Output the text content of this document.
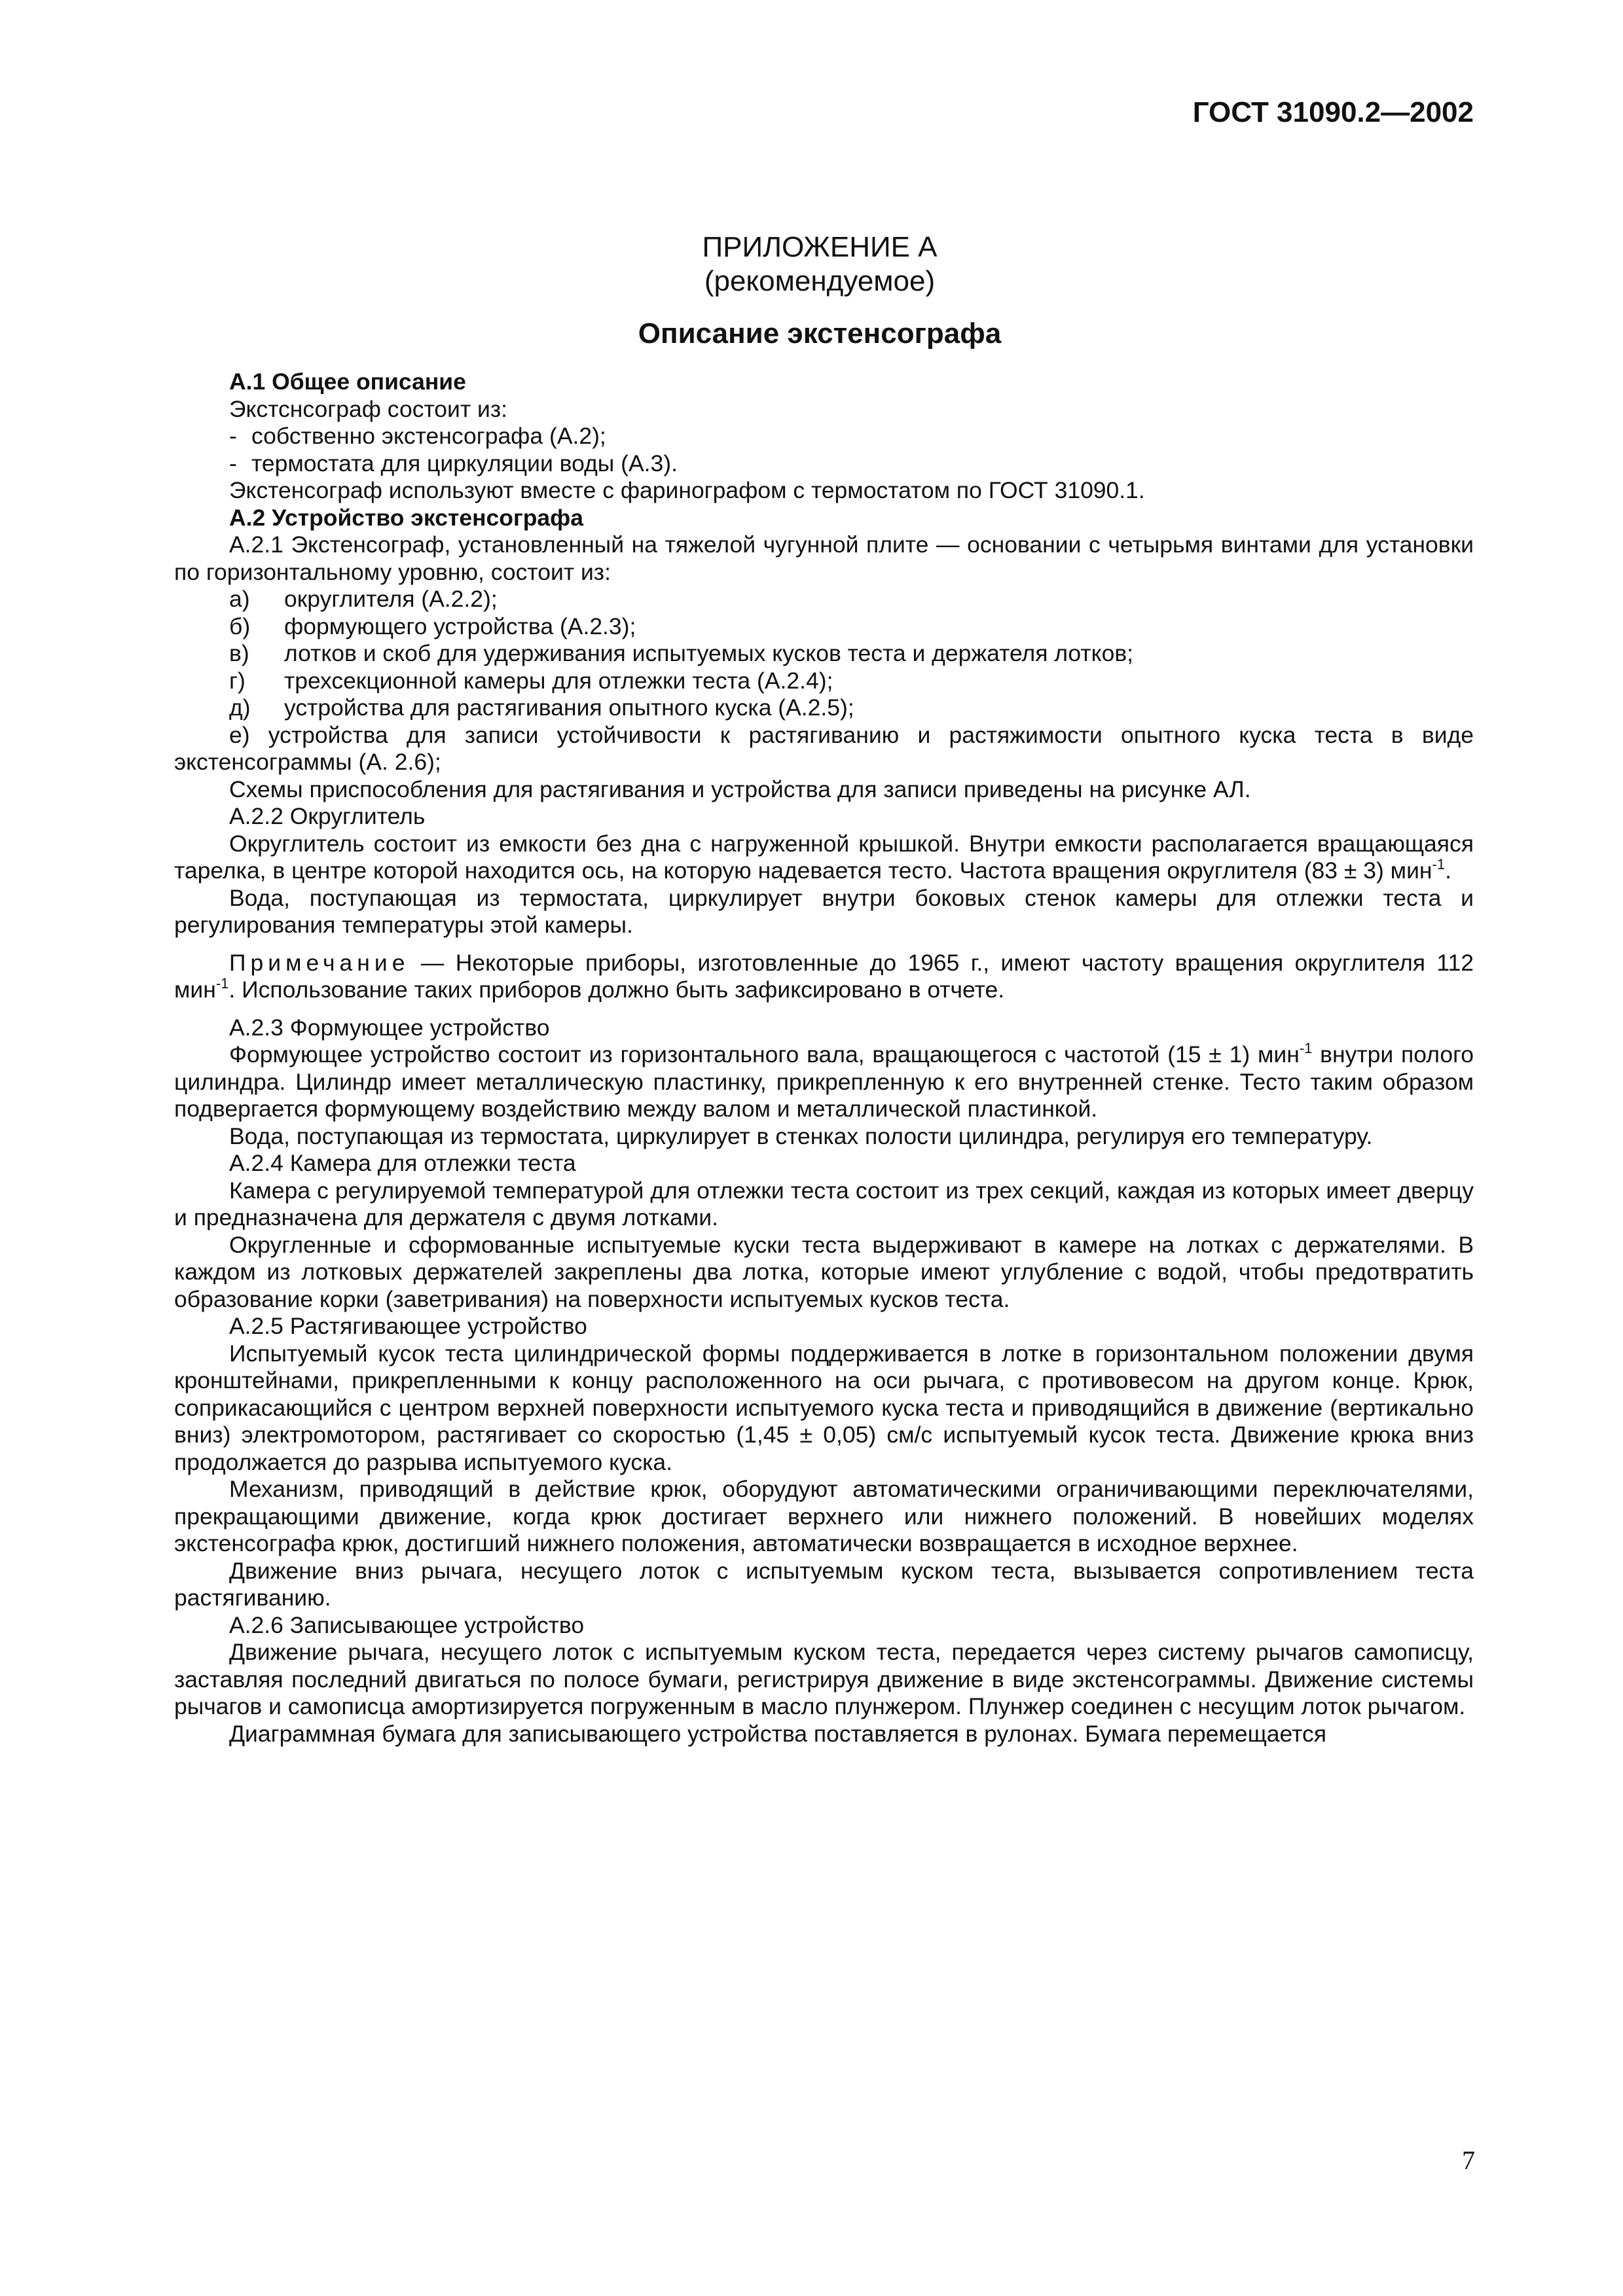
ГОСТ 31090.2—2002
ПРИЛОЖЕНИЕ А
(рекомендуемое)
Описание экстенсографа

А.1 Общее описание

Экстснсограф состоит из:

- собственно экстенсографа (А.2);
- термостата для циркуляции воды (А.3).

Экстенсограф используют вместе с фаринографом с термостатом по ГОСТ 31090.1.

А.2 Устройство экстенсографа

А.2.1 Экстенсограф, установленный на тяжелой чугунной плите — основании с четырьмя винтами для установки по горизонтальному уровню, состоит из:

а)	округлителя (А.2.2);
б)	формующего устройства (А.2.3);
в)	лотков и скоб для удерживания испытуемых кусков теста и держателя лотков;
г)	трехсекционной камеры для отлежки теста (А.2.4);
д)	устройства для растягивания опытного куска (А.2.5);

е) устройства для записи устойчивости к растягиванию и растяжимости опытного куска теста в виде экстенсограммы (А. 2.6);

Схемы приспособления для растягивания и устройства для записи приведены на рисунке АЛ.

А.2.2 Округлитель

Округлитель состоит из емкости без дна с нагруженной крышкой. Внутри емкости располагается вращающаяся тарелка, в центре которой находится ось, на которую надевается тесто. Частота вращения округлителя (83 ± 3) мин$^{-1}$.

Вода, поступающая из термостата, циркулирует внутри боковых стенок камеры для отлежки теста и регулирования температуры этой камеры.

Примечание — Некоторые приборы, изготовленные до 1965 г., имеют частоту вращения округлителя 112 мин$^{-1}$. Использование таких приборов должно быть зафиксировано в отчете.

А.2.3 Формующее устройство

Формующее устройство состоит из горизонтального вала, вращающегося с частотой (15 ± 1) мин$^{-1}$ внутри полого цилиндра. Цилиндр имеет металлическую пластинку, прикрепленную к его внутренней стенке. Тесто таким образом подвергается формующему воздействию между валом и металлической пластинкой.

Вода, поступающая из термостата, циркулирует в стенках полости цилиндра, регулируя его температуру.

А.2.4 Камера для отлежки теста

Камера с регулируемой температурой для отлежки теста состоит из трех секций, каждая из которых имеет дверцу и предназначена для держателя с двумя лотками.

Округленные и сформованные испытуемые куски теста выдерживают в камере на лотках с держателями. В каждом из лотковых держателей закреплены два лотка, которые имеют углубление с водой, чтобы предотвратить образование корки (заветривания) на поверхности испытуемых кусков теста.

А.2.5 Растягивающее устройство

Испытуемый кусок теста цилиндрической формы поддерживается в лотке в горизонтальном положении двумя кронштейнами, прикрепленными к концу расположенного на оси рычага, с противовесом на другом конце. Крюк, соприкасающийся с центром верхней поверхности испытуемого куска теста и приводящийся в движение (вертикально вниз) электромотором, растягивает со скоростью (1,45 ± 0,05) см/с испытуемый кусок теста. Движение крюка вниз продолжается до разрыва испытуемого куска.

Механизм, приводящий в действие крюк, оборудуют автоматическими ограничивающими переключателями, прекращающими движение, когда крюк достигает верхнего или нижнего положений. В новейших моделях экстенсографа крюк, достигший нижнего положения, автоматически возвращается в исходное верхнее.

Движение вниз рычага, несущего лоток с испытуемым куском теста, вызывается сопротивлением теста растягиванию.

А.2.6 Записывающее устройство

Движение рычага, несущего лоток с испытуемым куском теста, передается через систему рычагов самописцу, заставляя последний двигаться по полосе бумаги, регистрируя движение в виде экстенсограммы. Движение системы рычагов и самописца амортизируется погруженным в масло плунжером. Плунжер соединен с несущим лоток рычагом.

Диаграммная бумага для записывающего устройства поставляется в рулонах. Бумага перемещается

7
